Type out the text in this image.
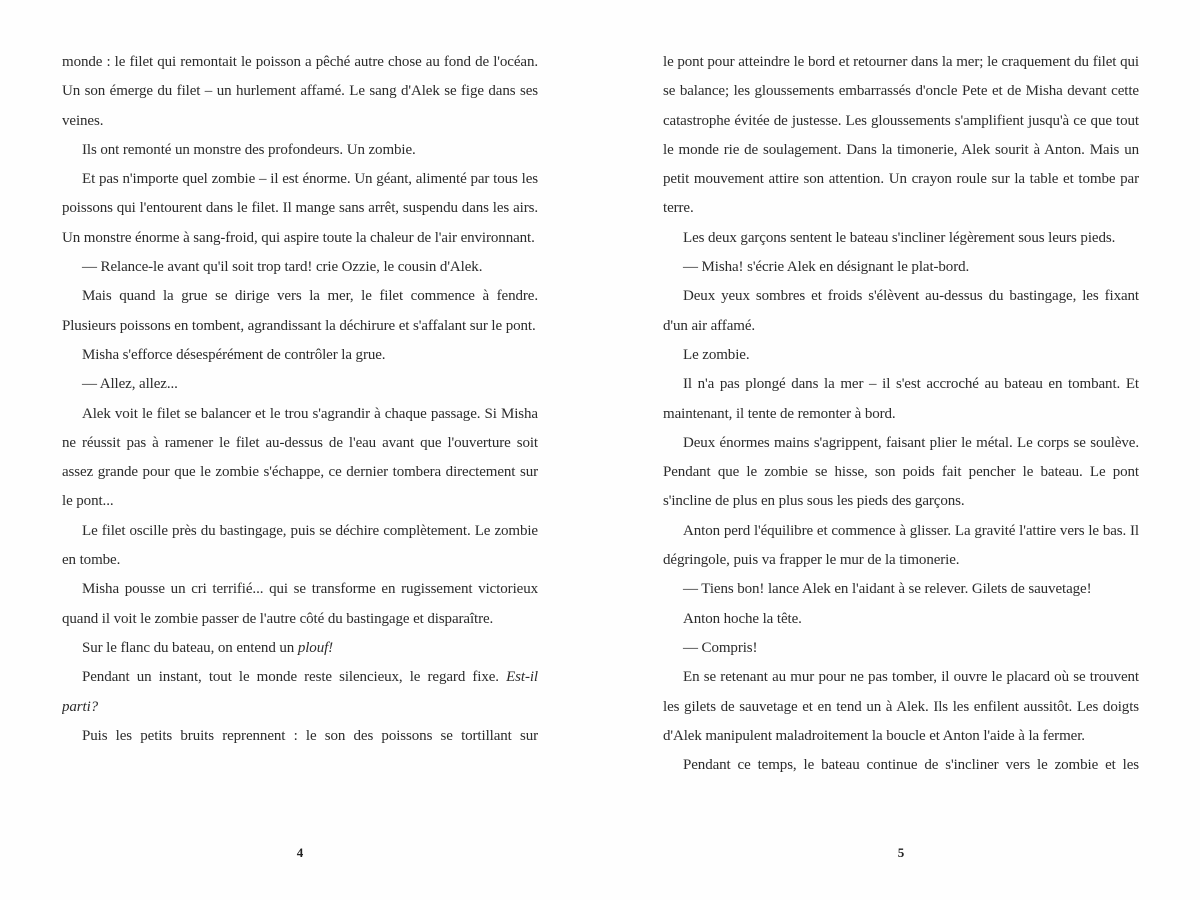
monde : le filet qui remontait le poisson a pêché autre chose au fond de l'océan. Un son émerge du filet – un hurlement affamé. Le sang d'Alek se fige dans ses veines.

Ils ont remonté un monstre des profondeurs. Un zombie.

Et pas n'importe quel zombie – il est énorme. Un géant, alimenté par tous les poissons qui l'entourent dans le filet. Il mange sans arrêt, suspendu dans les airs. Un monstre énorme à sang-froid, qui aspire toute la chaleur de l'air environnant.

— Relance-le avant qu'il soit trop tard! crie Ozzie, le cousin d'Alek.

Mais quand la grue se dirige vers la mer, le filet commence à fendre. Plusieurs poissons en tombent, agrandissant la déchirure et s'affalant sur le pont.

Misha s'efforce désespérément de contrôler la grue.

— Allez, allez...

Alek voit le filet se balancer et le trou s'agrandir à chaque passage. Si Misha ne réussit pas à ramener le filet au-dessus de l'eau avant que l'ouverture soit assez grande pour que le zombie s'échappe, ce dernier tombera directement sur le pont...

Le filet oscille près du bastingage, puis se déchire complètement. Le zombie en tombe.

Misha pousse un cri terrifié... qui se transforme en rugissement victorieux quand il voit le zombie passer de l'autre côté du bastingage et disparaître.

Sur le flanc du bateau, on entend un plouf!

Pendant un instant, tout le monde reste silencieux, le regard fixe. Est-il parti?

Puis les petits bruits reprennent : le son des poissons se tortillant sur

4

le pont pour atteindre le bord et retourner dans la mer; le craquement du filet qui se balance; les gloussements embarrassés d'oncle Pete et de Misha devant cette catastrophe évitée de justesse. Les gloussements s'amplifient jusqu'à ce que tout le monde rie de soulagement. Dans la timonerie, Alek sourit à Anton. Mais un petit mouvement attire son attention. Un crayon roule sur la table et tombe par terre.

Les deux garçons sentent le bateau s'incliner légèrement sous leurs pieds.

— Misha! s'écrie Alek en désignant le plat-bord.

Deux yeux sombres et froids s'élèvent au-dessus du bastingage, les fixant d'un air affamé.

Le zombie.

Il n'a pas plongé dans la mer – il s'est accroché au bateau en tombant. Et maintenant, il tente de remonter à bord.

Deux énormes mains s'agrippent, faisant plier le métal. Le corps se soulève. Pendant que le zombie se hisse, son poids fait pencher le bateau. Le pont s'incline de plus en plus sous les pieds des garçons.

Anton perd l'équilibre et commence à glisser. La gravité l'attire vers le bas. Il dégringole, puis va frapper le mur de la timonerie.

— Tiens bon! lance Alek en l'aidant à se relever. Gilets de sauvetage!

Anton hoche la tête.

— Compris!

En se retenant au mur pour ne pas tomber, il ouvre le placard où se trouvent les gilets de sauvetage et en tend un à Alek. Ils les enfilent aussitôt. Les doigts d'Alek manipulent maladroitement la boucle et Anton l'aide à la fermer.

Pendant ce temps, le bateau continue de s'incliner vers le zombie et les

5
